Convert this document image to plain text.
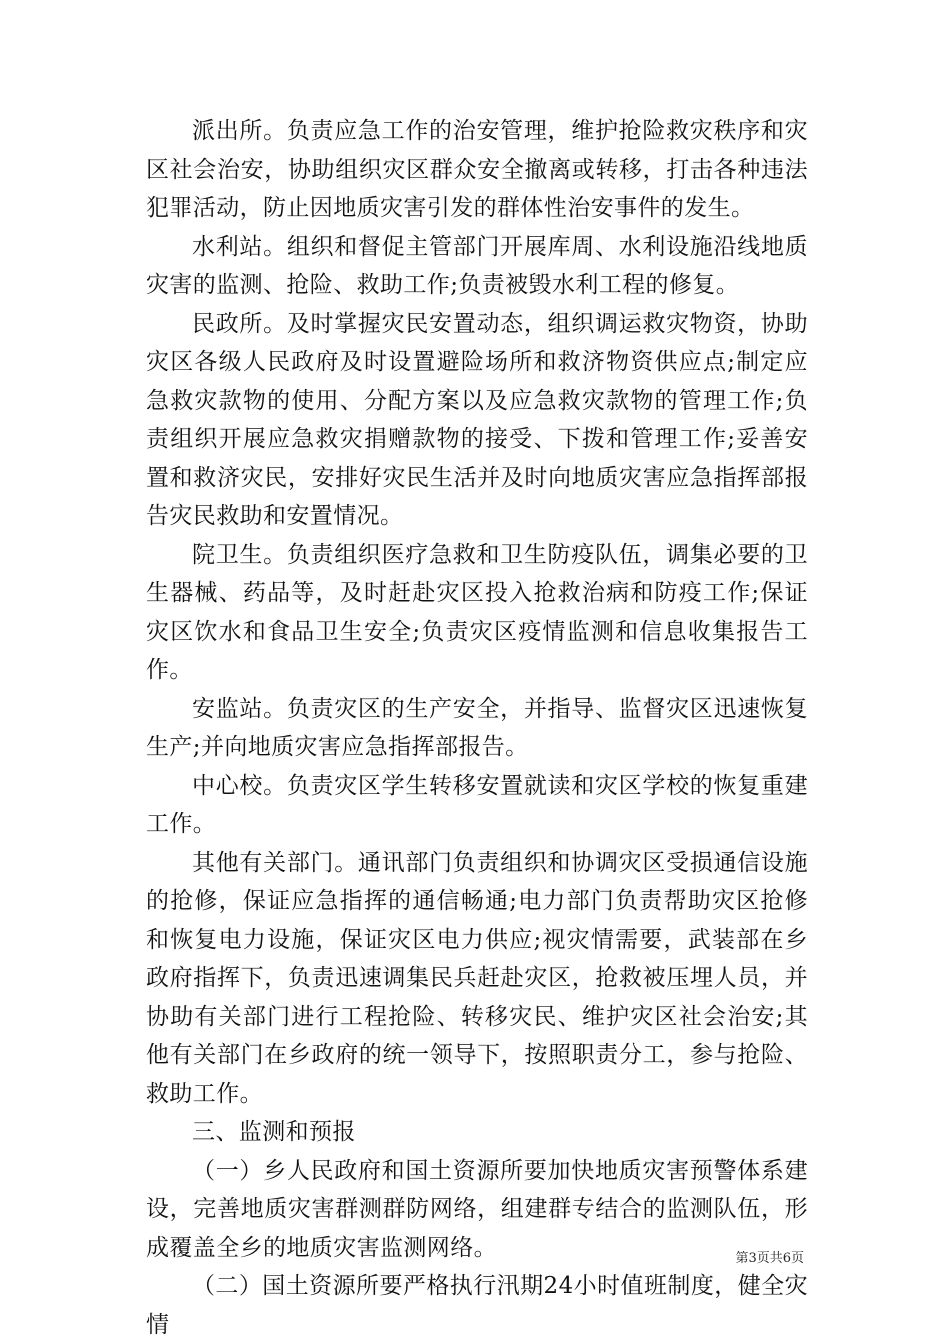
派出所。负责应急工作的治安管理，维护抢险救灾秩序和灾区社会治安，协助组织灾区群众安全撤离或转移，打击各种违法犯罪活动，防止因地质灾害引发的群体性治安事件的发生。

水利站。组织和督促主管部门开展库周、水利设施沿线地质灾害的监测、抢险、救助工作;负责被毁水利工程的修复。

民政所。及时掌握灾民安置动态，组织调运救灾物资，协助灾区各级人民政府及时设置避险场所和救济物资供应点;制定应急救灾款物的使用、分配方案以及应急救灾款物的管理工作;负责组织开展应急救灾捐赠款物的接受、下拨和管理工作;妥善安置和救济灾民，安排好灾民生活并及时向地质灾害应急指挥部报告灾民救助和安置情况。

院卫生。负责组织医疗急救和卫生防疫队伍，调集必要的卫生器械、药品等，及时赶赴灾区投入抢救治病和防疫工作;保证灾区饮水和食品卫生安全;负责灾区疫情监测和信息收集报告工作。

安监站。负责灾区的生产安全，并指导、监督灾区迅速恢复生产;并向地质灾害应急指挥部报告。

中心校。负责灾区学生转移安置就读和灾区学校的恢复重建工作。

其他有关部门。通讯部门负责组织和协调灾区受损通信设施的抢修，保证应急指挥的通信畅通;电力部门负责帮助灾区抢修和恢复电力设施，保证灾区电力供应;视灾情需要，武装部在乡政府指挥下，负责迅速调集民兵赶赴灾区，抢救被压埋人员，并协助有关部门进行工程抢险、转移灾民、维护灾区社会治安;其他有关部门在乡政府的统一领导下，按照职责分工，参与抢险、救助工作。

三、监测和预报

（一）乡人民政府和国土资源所要加快地质灾害预警体系建设，完善地质灾害群测群防网络，组建群专结合的监测队伍，形成覆盖全乡的地质灾害监测网络。

（二）国土资源所要严格执行汛期24小时值班制度，健全灾情

第3页共6页
